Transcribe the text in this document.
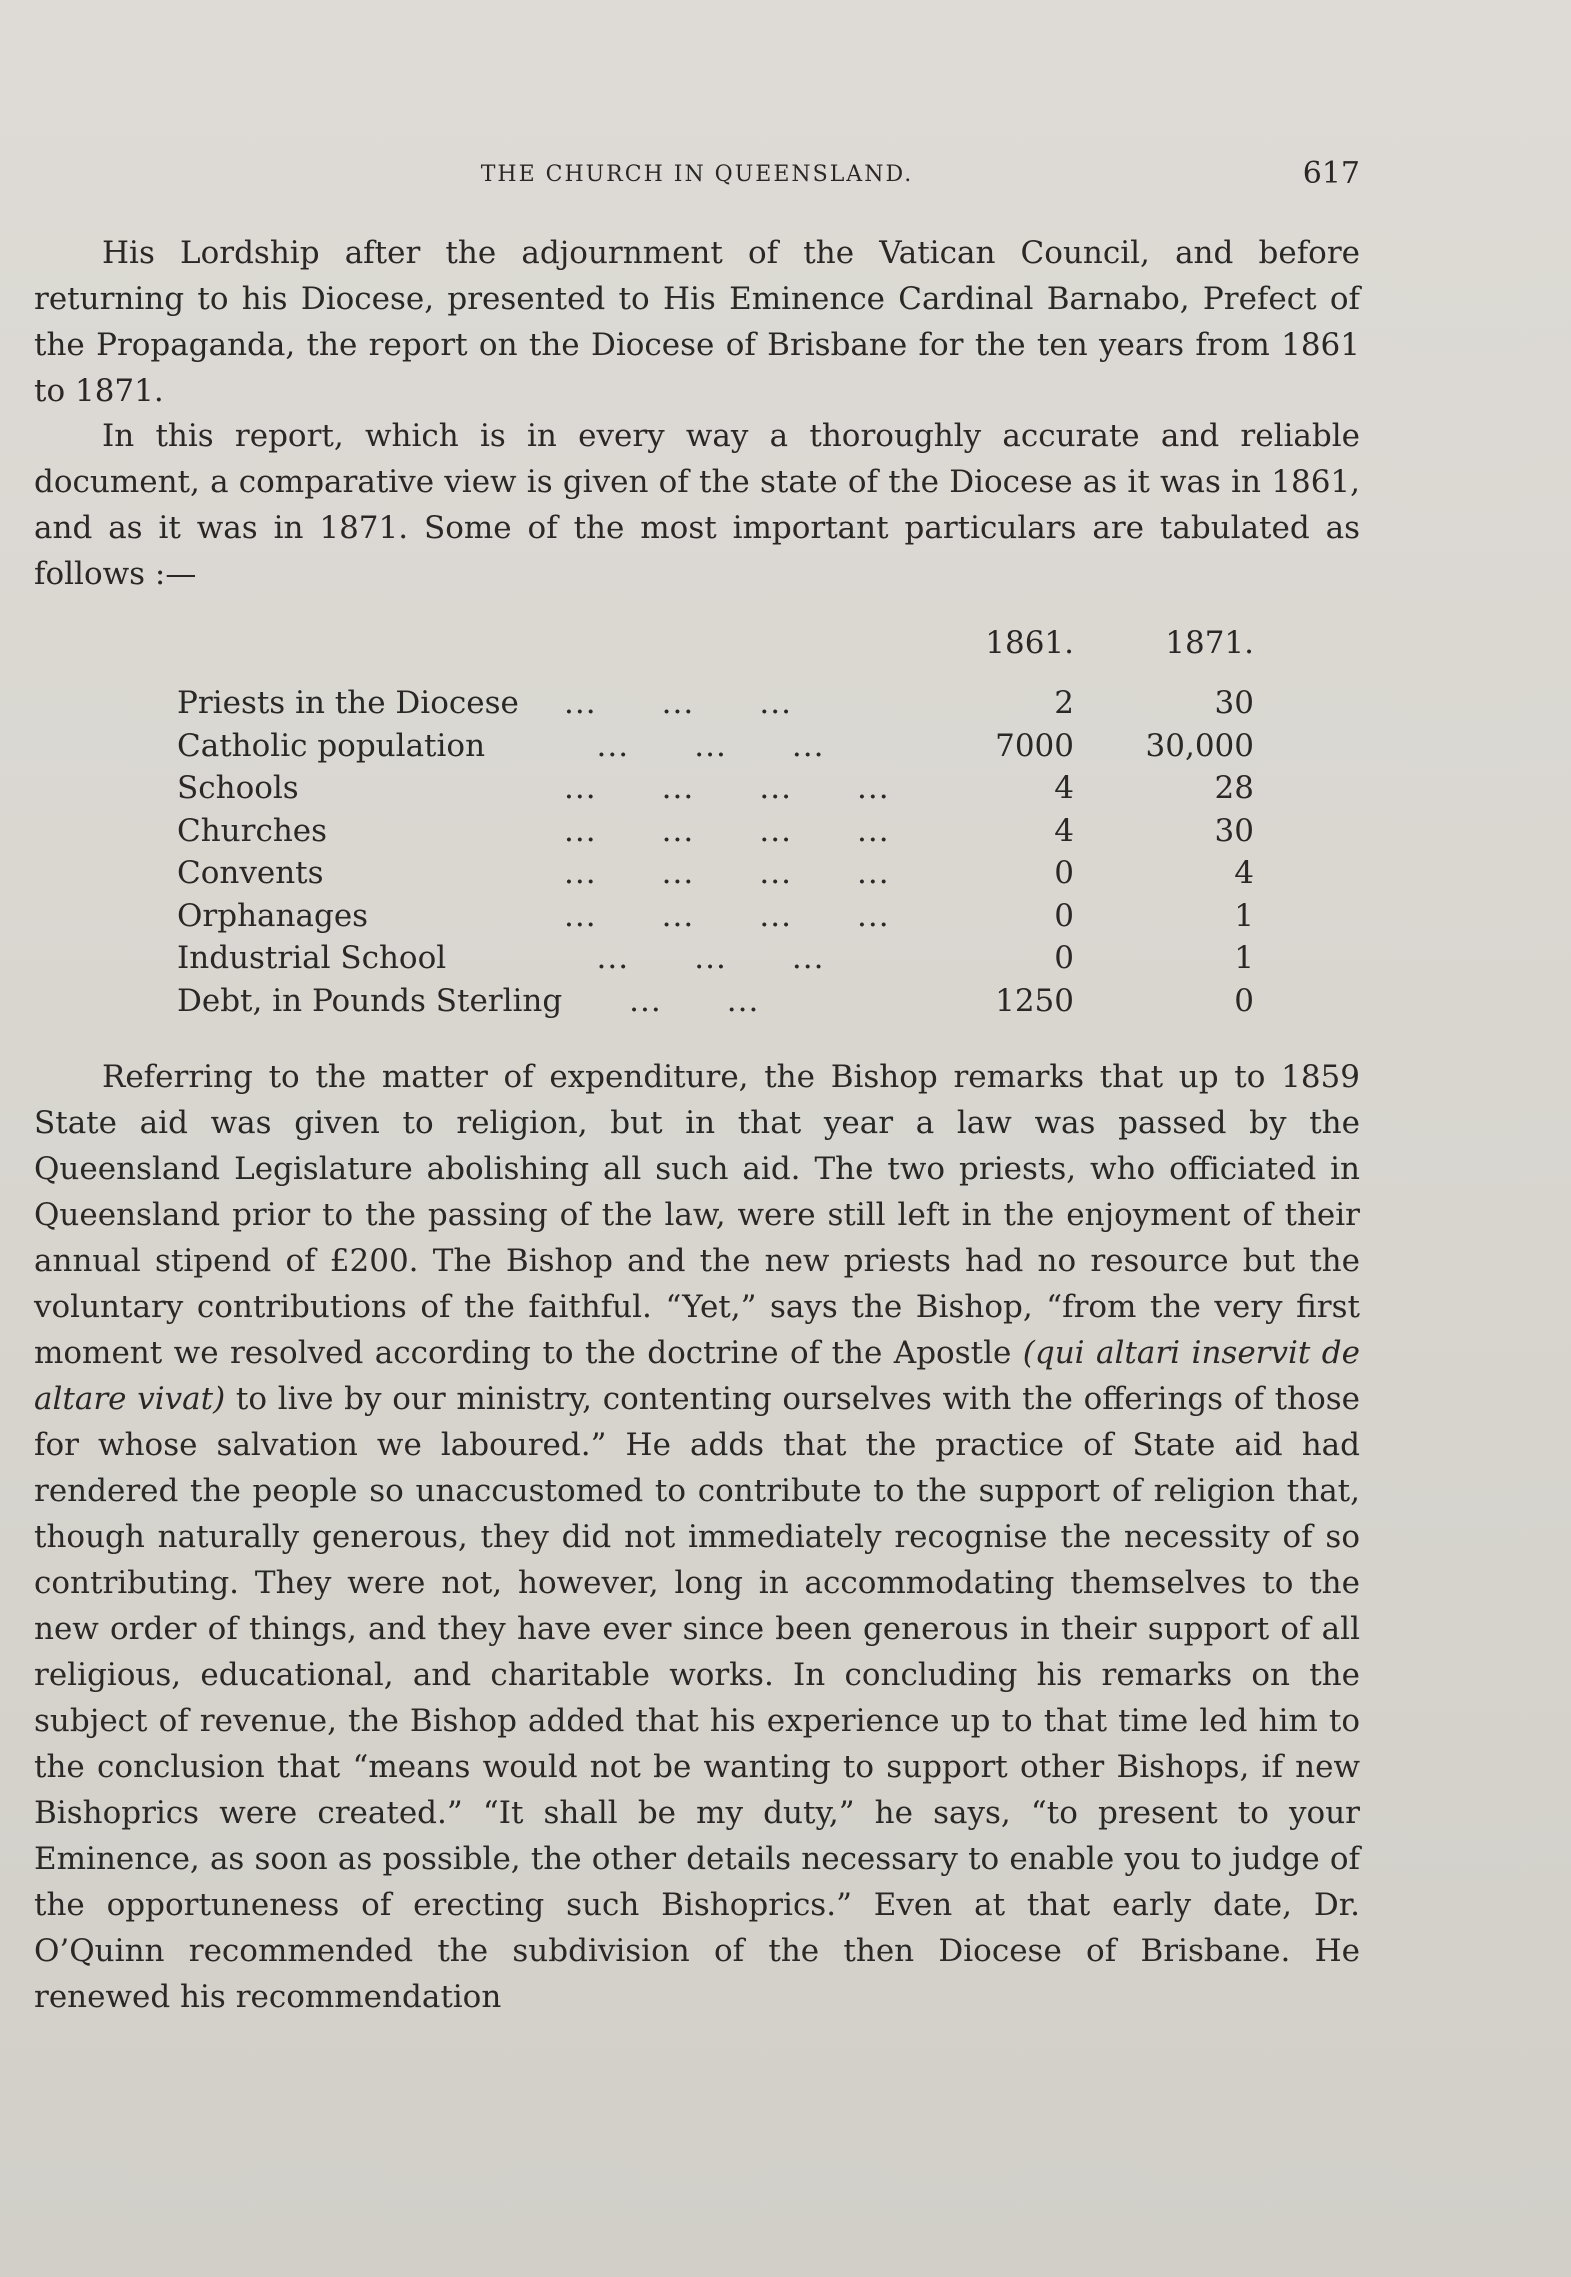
THE CHURCH IN QUEENSLAND.	617

His Lordship after the adjournment of the Vatican Council, and before returning to his Diocese, presented to His Eminence Cardinal Barnabo, Prefect of the Propaganda, the report on the Diocese of Brisbane for the ten years from 1861 to 1871.

In this report, which is in every way a thoroughly accurate and reliable document, a comparative view is given of the state of the Diocese as it was in 1861, and as it was in 1871. Some of the most important particulars are tabulated as follows :—

1861.	1871.
Priests in the Diocese ...      ...      ...	2	30
Catholic population	...      ...      ...	7000	30,000
Schools	...      ...      ...      ...	4	28
Churches	...      ...      ...      ...	4	30
Convents	...      ...      ...      ...	0	4
Orphanages	...      ...      ...      ...	0	1
Industrial School	...      ...      ...	0	1
Debt, in Pounds Sterling ...      ...	1250	0

Referring to the matter of expenditure, the Bishop remarks that up to 1859 State aid was given to religion, but in that year a law was passed by the Queensland Legislature abolishing all such aid. The two priests, who officiated in Queensland prior to the passing of the law, were still left in the enjoyment of their annual stipend of £200. The Bishop and the new priests had no resource but the voluntary contributions of the faithful. “Yet,” says the Bishop, “from the very first moment we resolved according to the doctrine of the Apostle (qui altari inservit de altare vivat) to live by our ministry, contenting ourselves with the offerings of those for whose salvation we laboured.” He adds that the practice of State aid had rendered the people so unaccustomed to contribute to the support of religion that, though naturally generous, they did not immediately recognise the necessity of so contributing. They were not, however, long in accommodating themselves to the new order of things, and they have ever since been generous in their support of all religious, educational, and charitable works. In concluding his remarks on the subject of revenue, the Bishop added that his experience up to that time led him to the conclusion that “means would not be wanting to support other Bishops, if new Bishoprics were created.” “It shall be my duty,” he says, “to present to your Eminence, as soon as possible, the other details necessary to enable you to judge of the opportuneness of erecting such Bishoprics.” Even at that early date, Dr. O’Quinn recommended the subdivision of the then Diocese of Brisbane. He renewed his recommendation
